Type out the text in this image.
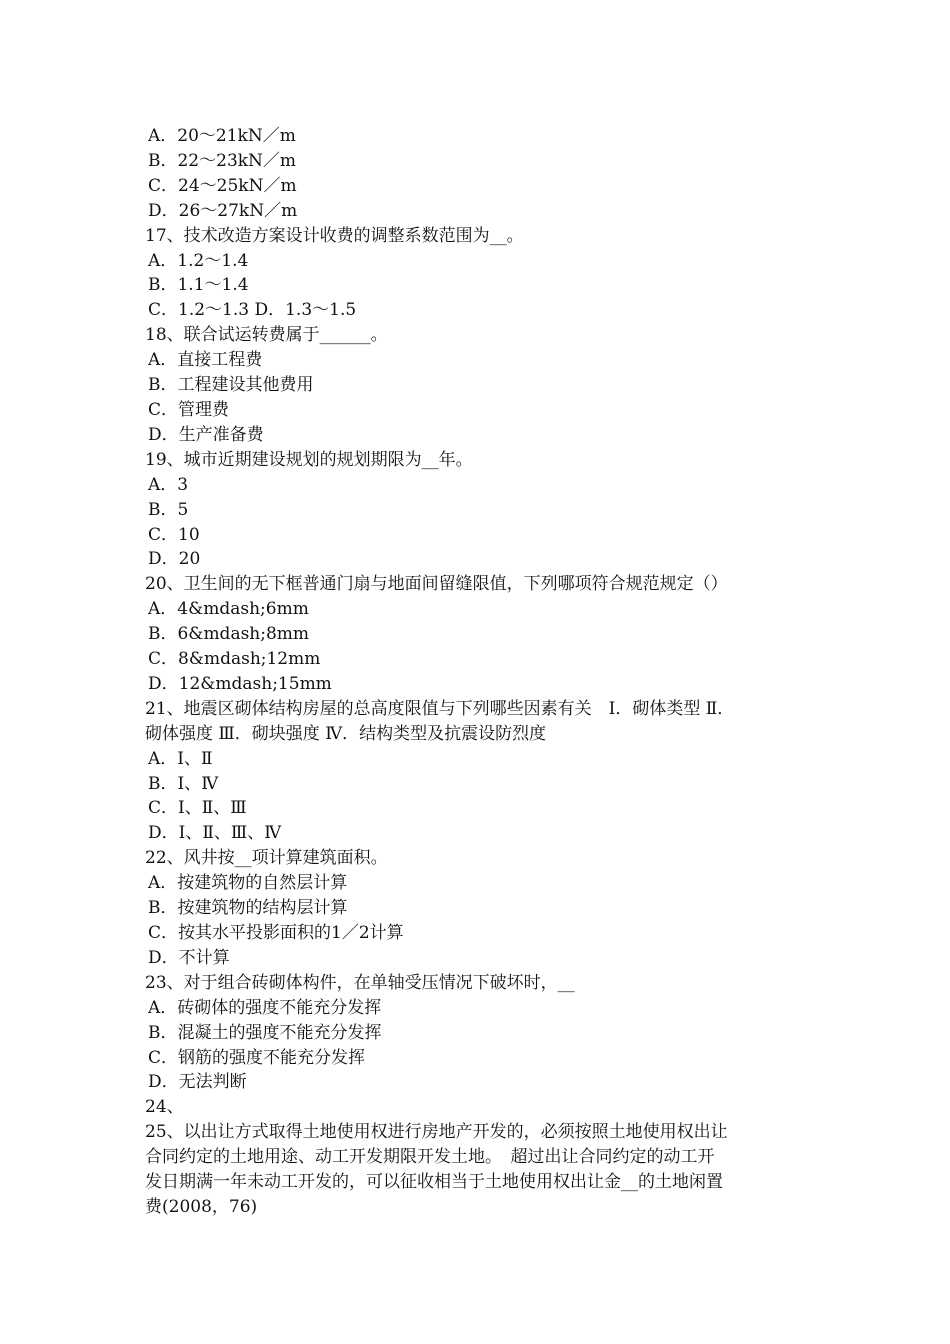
A．20～21kN／m
B．22～23kN／m
C．24～25kN／m
D．26～27kN／m
17、技术改造方案设计收费的调整系数范围为__。
A．1.2～1.4
B．1.1～1.4
C．1.2～1.3 D．1.3～1.5
18、联合试运转费属于______。
A．直接工程费
B．工程建设其他费用
C．管理费
D．生产准备费
19、城市近期建设规划的规划期限为__年。
A．3
B．5
C．10
D．20
20、卫生间的无下框普通门扇与地面间留缝限值，下列哪项符合规范规定（）
A．4&mdash;6mm
B．6&mdash;8mm
C．8&mdash;12mm
D．12&mdash;15mm
21、地震区砌体结构房屋的总高度限值与下列哪些因素有关　Ⅰ．砌体类型 Ⅱ．
砌体强度 Ⅲ．砌块强度 Ⅳ．结构类型及抗震设防烈度
A．Ⅰ、Ⅱ
B．Ⅰ、Ⅳ
C．Ⅰ、Ⅱ、Ⅲ
D．Ⅰ、Ⅱ、Ⅲ、Ⅳ
22、风井按__项计算建筑面积。
A．按建筑物的自然层计算
B．按建筑物的结构层计算
C．按其水平投影面积的1／2计算
D．不计算
23、对于组合砖砌体构件，在单轴受压情况下破坏时，__
A．砖砌体的强度不能充分发挥
B．混凝土的强度不能充分发挥
C．钢筋的强度不能充分发挥
D．无法判断
24、
25、以出让方式取得土地使用权进行房地产开发的，必须按照土地使用权出让
合同约定的土地用途、动工开发期限开发土地。　超过出让合同约定的动工开
发日期满一年未动工开发的，可以征收相当于土地使用权出让金__的土地闲置
费(2008，76)
